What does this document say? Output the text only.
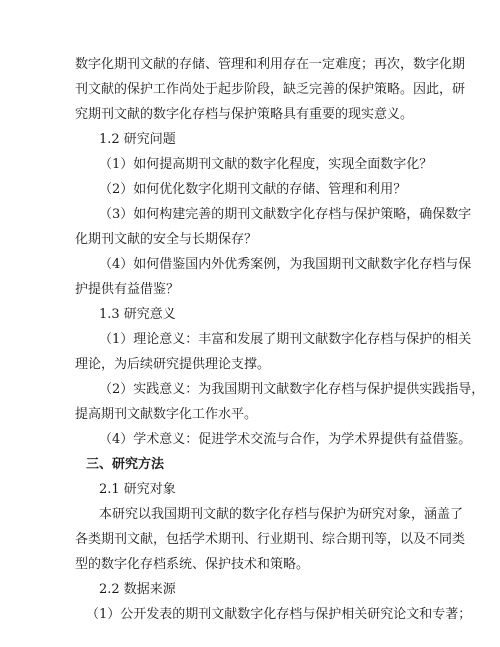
数字化期刊文献的存储、管理和利用存在一定难度；再次，数字化期
刊文献的保护工作尚处于起步阶段，缺乏完善的保护策略。因此，研
究期刊文献的数字化存档与保护策略具有重要的现实意义。
1.2 研究问题
（1）如何提高期刊文献的数字化程度，实现全面数字化？
（2）如何优化数字化期刊文献的存储、管理和利用？
（3）如何构建完善的期刊文献数字化存档与保护策略，确保数字
化期刊文献的安全与长期保存？
（4）如何借鉴国内外优秀案例，为我国期刊文献数字化存档与保
护提供有益借鉴？
1.3 研究意义
（1）理论意义：丰富和发展了期刊文献数字化存档与保护的相关
理论，为后续研究提供理论支撑。
（2）实践意义：为我国期刊文献数字化存档与保护提供实践指导，
提高期刊文献数字化工作水平。
（4）学术意义：促进学术交流与合作，为学术界提供有益借鉴。
三、研究方法
2.1 研究对象
本研究以我国期刊文献的数字化存档与保护为研究对象，涵盖了
各类期刊文献，包括学术期刊、行业期刊、综合期刊等，以及不同类
型的数字化存档系统、保护技术和策略。
2.2 数据来源
（1）公开发表的期刊文献数字化存档与保护相关研究论文和专著；
